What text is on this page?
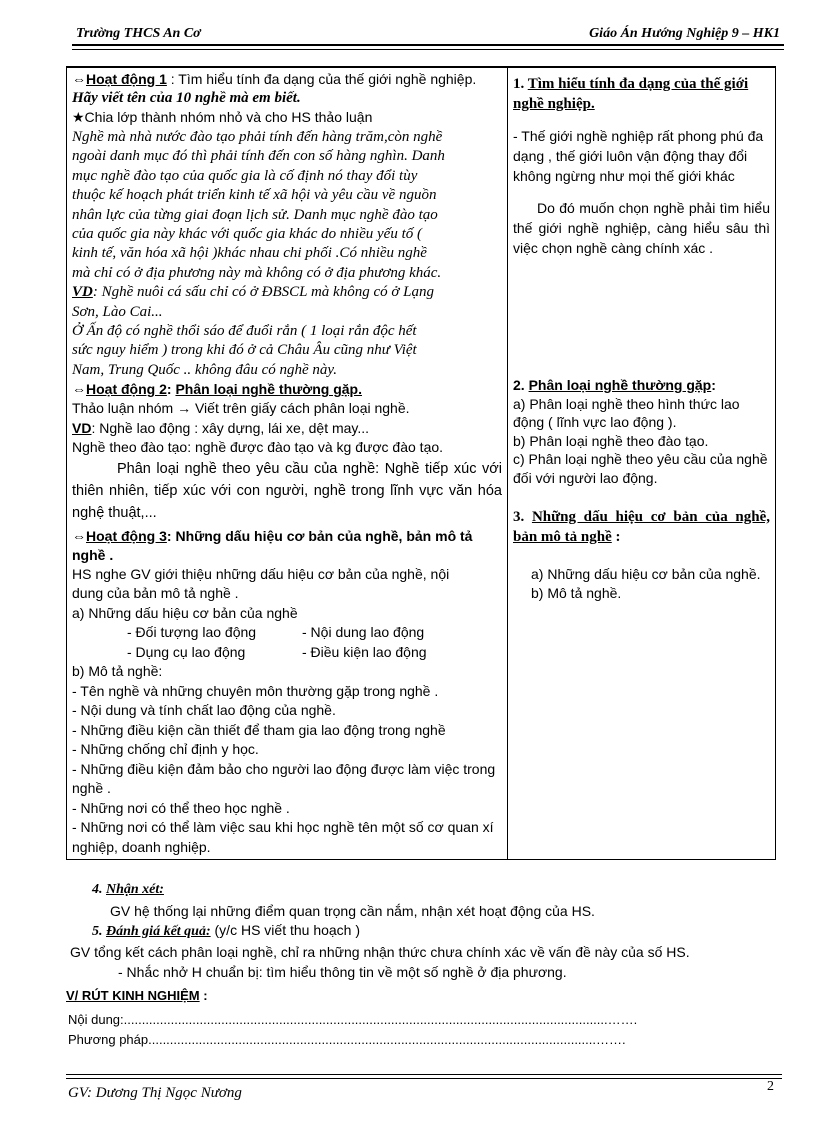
Trường THCS An Cơ	Giáo Án Hướng Nghiệp 9 – HK1

⇔Hoạt động 1 : Tìm hiểu tính đa dạng của thế giới nghề nghiệp.

Hãy viết tên của 10 nghề mà em biết.

★Chia lớp thành nhóm nhỏ và cho HS thảo luận

Nghề mà nhà nước đào tạo phải tính đến hàng trăm,còn nghề

ngoài danh mục đó thì phải tính đến con số hàng nghìn. Danh

mục nghề đào tạo của quốc gia là cố định nó thay đổi tùy

thuộc kế hoạch phát triển kinh tế xã hội và yêu cầu về nguồn

nhân lực của từng giai đoạn lịch sử. Danh mục nghề đào tạo

của quốc gia này khác với quốc gia khác do nhiều yếu tố (

kinh tế, văn hóa xã hội )khác nhau chi phối .Có nhiều nghề

mà chỉ có ở địa phương này mà không có ở địa phương khác.

VD: Nghề nuôi cá sấu chỉ có ở ĐBSCL mà không có ở Lạng

Sơn, Lào Cai...

Ở Ấn độ có nghề thổi sáo để đuổi rắn ( 1 loại rắn độc hết

sức nguy hiểm ) trong khi đó ở cả Châu Âu cũng như Việt

Nam, Trung Quốc .. không đâu có nghề này.

⇔Hoạt động 2: Phân loại nghề thường gặp.

Thảo luận nhóm → Viết trên giấy cách phân loại nghề.

VD: Nghề lao động : xây dựng, lái xe, dệt may...

Nghề theo đào tạo: nghề được đào tạo và kg được đào tạo.

Phân loại nghề theo yêu cầu của nghề: Nghề tiếp xúc với thiên nhiên, tiếp xúc với con người, nghề trong lĩnh vực văn hóa nghệ thuật,...

⇔Hoạt động 3: Những dấu hiệu cơ bản của nghề, bản mô tả nghề .

HS nghe GV giới thiệu những dấu hiệu cơ bản của nghề, nội dung của bản mô tả nghề .

a) Những dấu hiệu cơ bản của nghề

- Đối tượng lao động	- Nội dung lao động
- Dụng cụ lao động	- Điều kiện lao động

b) Mô tả nghề:

- Tên nghề và những chuyên môn thường gặp trong nghề .

- Nội dung và tính chất lao động của nghề.

- Những điều kiện cần thiết để tham gia lao động trong nghề

- Những chống chỉ định y học.

- Những điều kiện đảm bảo cho người lao động được làm việc trong nghề .

- Những nơi có thể theo học nghề .

- Những nơi có thể làm việc sau khi học nghề tên một số cơ quan xí nghiệp, doanh nghiệp.

1. Tìm hiểu tính đa dạng của thế giới nghề nghiệp.

- Thế giới nghề nghiệp rất phong phú đa dạng , thế giới luôn vận động thay đổi không ngừng như mọi thế giới khác

Do đó muốn chọn nghề phải tìm hiểu thế giới nghề nghiệp, càng hiểu sâu thì việc chọn nghề càng chính xác .

2. Phân loại nghề thường gặp:

a) Phân loại nghề theo hình thức lao động ( lĩnh vực lao động ).

b) Phân loại nghề theo đào tạo.

c) Phân loại nghề theo yêu cầu của nghề đối với người lao động.

3. Những dấu hiệu cơ bản của nghề, bản mô tả nghề :

a) Những dấu hiệu cơ bản của nghề.

b) Mô tả nghề.

4. Nhận xét:
GV hệ thống lại những điểm quan trọng cần nắm, nhận xét hoạt động của HS.
5. Đánh giá kết quả: (y/c HS viết thu hoạch )
GV tổng kết cách phân loại nghề, chỉ ra những nhận thức chưa chính xác về vấn đề này của số HS.
- Nhắc nhở H chuẩn bị: tìm hiểu thông tin về một số nghề ở địa phương.
V/ RÚT KINH NGHIỆM :
Nội dung:......................................................................................................................................…….
Phương pháp............................................................................................................................…….
GV: Dương Thị Ngọc Nương	2
